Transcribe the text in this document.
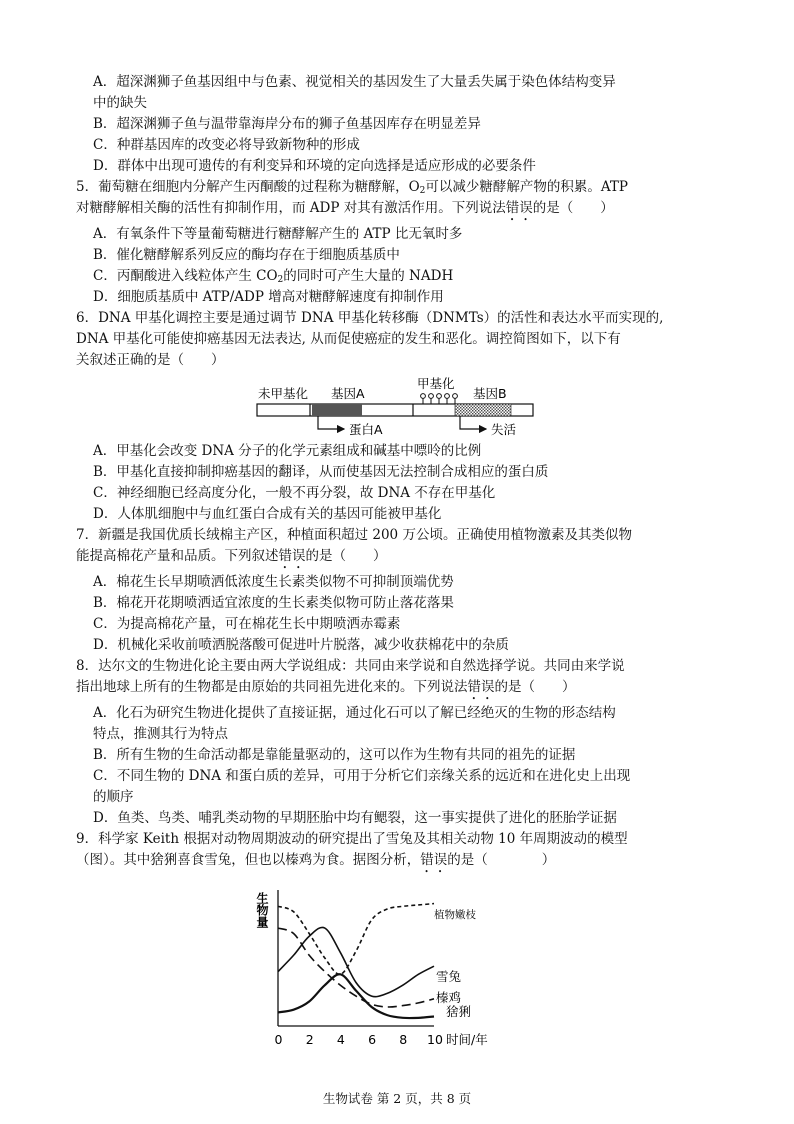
A．超深渊狮子鱼基因组中与色素、视觉相关的基因发生了大量丢失属于染色体结构变异
中的缺失
B．超深渊狮子鱼与温带靠海岸分布的狮子鱼基因库存在明显差异
C．种群基因库的改变必将导致新物种的形成
D．群体中出现可遗传的有利变异和环境的定向选择是适应形成的必要条件
5．葡萄糖在细胞内分解产生丙酮酸的过程称为糖酵解，$O_2$可以减少糖酵解产物的积累。ATP
对糖酵解相关酶的活性有抑制作用，而 ADP 对其有激活作用。下列说法错误的是（　　）
A．有氧条件下等量葡萄糖进行糖酵解产生的 ATP 比无氧时多
B．催化糖酵解系列反应的酶均存在于细胞质基质中
C．丙酮酸进入线粒体产生 $CO_2$的同时可产生大量的 NADH
D．细胞质基质中 ATP/ADP 增高对糖酵解速度有抑制作用
6．DNA 甲基化调控主要是通过调节 DNA 甲基化转移酶（DNMTs）的活性和表达水平而实现的,
DNA 甲基化可能使抑癌基因无法表达, 从而促使癌症的发生和恶化。调控简图如下，以下有
关叙述正确的是（　　）
未甲基化 基因A
甲基化
基因B
蛋白A	失活
A．甲基化会改变 DNA 分子的化学元素组成和碱基中嘌呤的比例
B．甲基化直接抑制抑癌基因的翻译，从而使基因无法控制合成相应的蛋白质
C．神经细胞已经高度分化，一般不再分裂，故 DNA 不存在甲基化
D．人体肌细胞中与血红蛋白合成有关的基因可能被甲基化
7．新疆是我国优质长绒棉主产区，种植面积超过 200 万公顷。正确使用植物激素及其类似物
能提高棉花产量和品质。下列叙述错误的是（　　）
A．棉花生长早期喷洒低浓度生长素类似物不可抑制顶端优势
B．棉花开花期喷洒适宜浓度的生长素类似物可防止落花落果
C．为提高棉花产量，可在棉花生长中期喷洒赤霉素
D．机械化采收前喷洒脱落酸可促进叶片脱落，减少收获棉花中的杂质
8．达尔文的生物进化论主要由两大学说组成：共同由来学说和自然选择学说。共同由来学说
指出地球上所有的生物都是由原始的共同祖先进化来的。下列说法错误的是（　　）
A．化石为研究生物进化提供了直接证据，通过化石可以了解已经绝灭的生物的形态结构
特点，推测其行为特点
B．所有生物的生命活动都是靠能量驱动的，这可以作为生物有共同的祖先的证据
C．不同生物的 DNA 和蛋白质的差异，可用于分析它们亲缘关系的远近和在进化史上出现
的顺序
D．鱼类、鸟类、哺乳类动物的早期胚胎中均有鳃裂，这一事实提供了进化的胚胎学证据
9．科学家 Keith 根据对动物周期波动的研究提出了雪兔及其相关动物 10 年周期波动的模型
（图）。其中猞猁喜食雪兔，但也以榛鸡为食。据图分析，错误的是（　　　　）
生物量
时间/年
0 2 4 6 8 10
植物嫩枝
雪兔
榛鸡
猞猁
生物试卷 第 2 页，共 8 页
